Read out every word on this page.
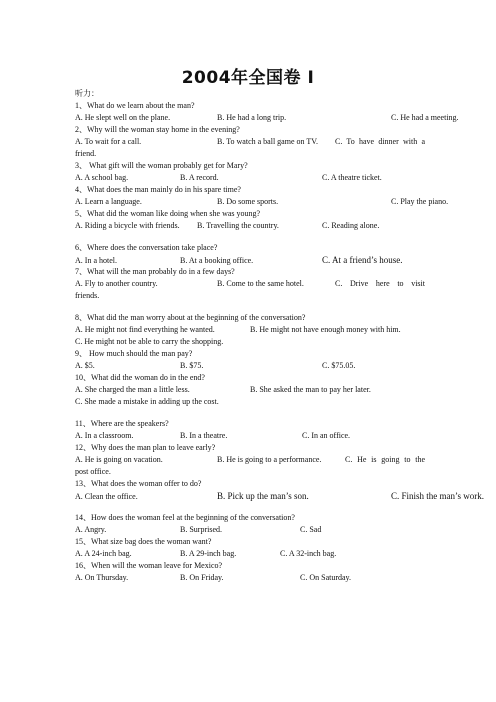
2004年全国卷 I
听力：
1、What do we learn about the man?
A. He slept well on the plane.	B. He had a long trip.	C. He had a meeting.
2、Why will the woman stay home in the evening?
A. To wait for a call.	B. To watch a ball game on TV. C. To have dinner with a friend.
3、 What gift will the woman probably get for Mary?
A. A school bag.	B. A record.	C. A theatre ticket.
4、What does the man mainly do in his spare time?
A. Learn a language.	B. Do some sports.	C. Play the piano.
5、What did the woman like doing when she was young?
A. Riding a bicycle with friends. B. Travelling the country.	C. Reading alone.
6、Where does the conversation take place?
A. In a hotel.	B. At a booking office.	C. At a friend’s house.
7、What will the man probably do in a few days?
A. Fly to another country.	B. Come to the same hotel.	C. Drive here to visit friends.
8、What did the man worry about at the beginning of the conversation?
A. He might not find everything he wanted.	B. He might not have enough money with him.
C. He might not be able to carry the shopping.
9、 How much should the man pay?
A. $5.	B. $75.	C. $75.05.
10、What did the woman do in the end?
A. She charged the man a little less.	B. She asked the man to pay her later.
C. She made a mistake in adding up the cost.
11、Where are the speakers?
A. In a classroom.	B. In a theatre.	C. In an office.
12、Why does the man plan to leave early?
A. He is going on vacation.	B. He is going to a performance.	C. He is going to the post office.
13、What does the woman offer to do?
A. Clean the office.	B. Pick up the man’s son.	C. Finish the man’s work.
14、How does the woman feel at the beginning of the conversation?
A. Angry.	B. Surprised.	C. Sad
15、What size bag does the woman want?
A. A 24-inch bag.	B. A 29-inch bag.	C. A 32-inch bag.
16、When will the woman leave for Mexico?
A. On Thursday.	B. On Friday.	C. On Saturday.
